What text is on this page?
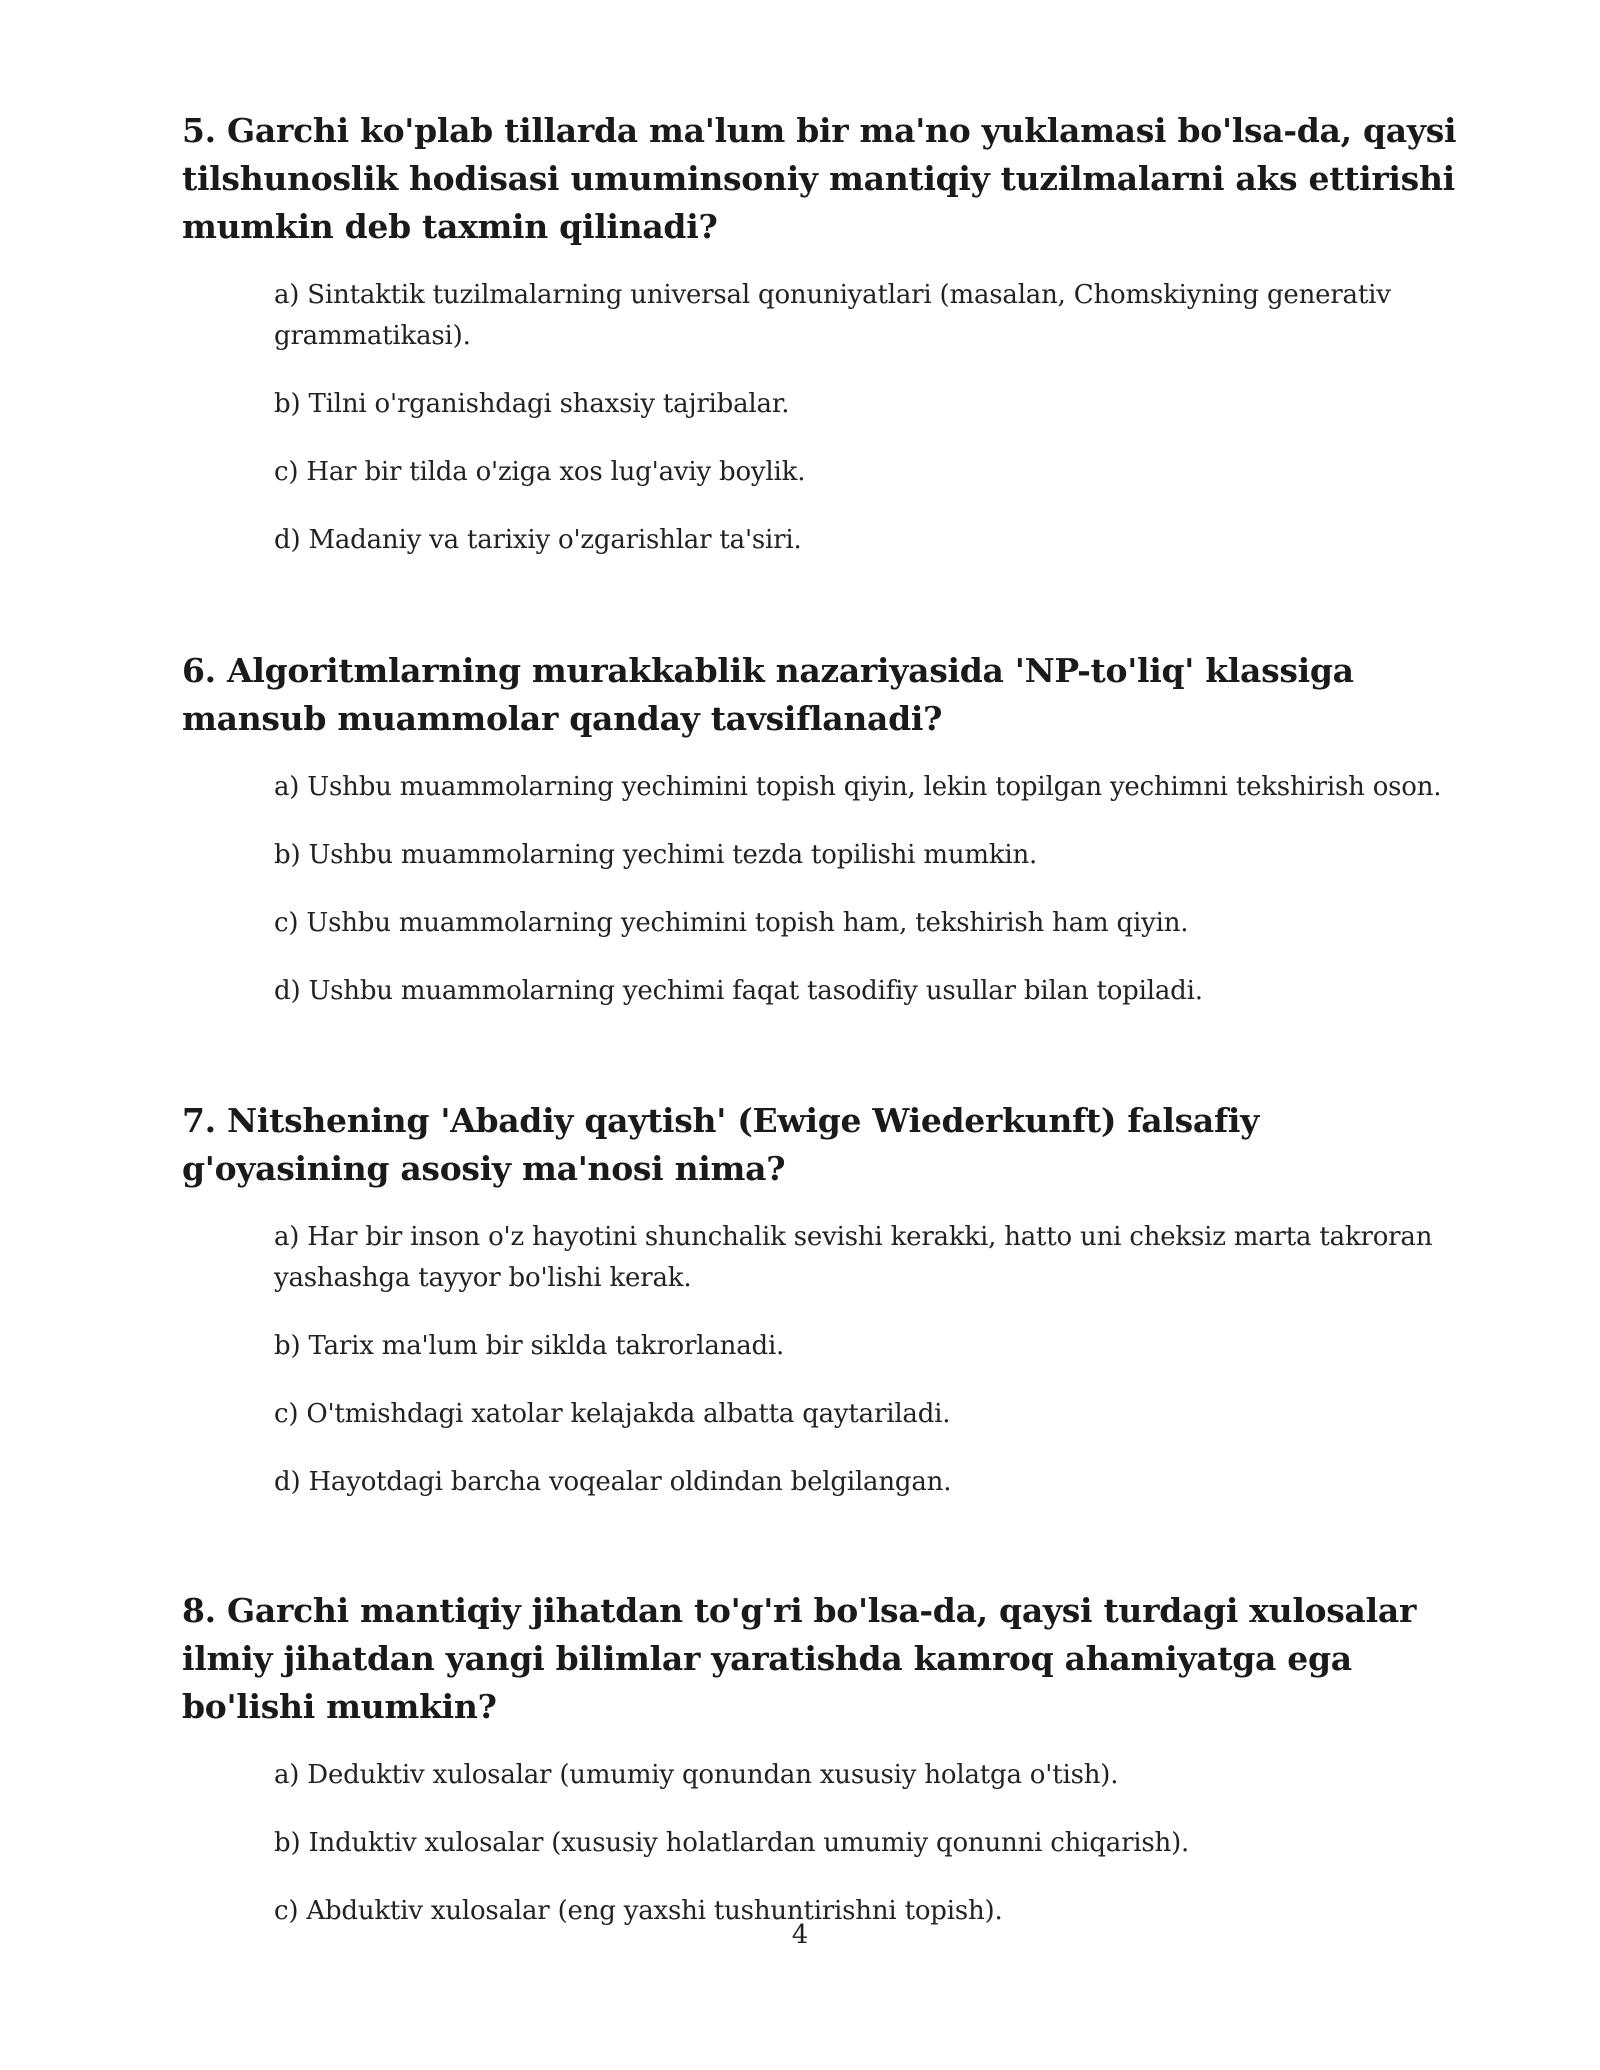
5. Garchi ko'plab tillarda ma'lum bir ma'no yuklamasi bo'lsa-da, qaysi tilshunoslik hodisasi umuminsoniy mantiqiy tuzilmalarni aks ettirishi mumkin deb taxmin qilinadi?
a) Sintaktik tuzilmalarning universal qonuniyatlari (masalan, Chomskiyning generativ grammatikasi).
b) Tilni o'rganishdagi shaxsiy tajribalar.
c) Har bir tilda o'ziga xos lug'aviy boylik.
d) Madaniy va tarixiy o'zgarishlar ta'siri.
6. Algoritmlarning murakkablik nazariyasida 'NP-to'liq' klassiga mansub muammolar qanday tavsiflanadi?
a) Ushbu muammolarning yechimini topish qiyin, lekin topilgan yechimni tekshirish oson.
b) Ushbu muammolarning yechimi tezda topilishi mumkin.
c) Ushbu muammolarning yechimini topish ham, tekshirish ham qiyin.
d) Ushbu muammolarning yechimi faqat tasodifiy usullar bilan topiladi.
7. Nitshening 'Abadiy qaytish' (Ewige Wiederkunft) falsafiy g'oyasining asosiy ma'nosi nima?
a) Har bir inson o'z hayotini shunchalik sevishi kerakki, hatto uni cheksiz marta takroran yashashga tayyor bo'lishi kerak.
b) Tarix ma'lum bir siklda takrorlanadi.
c) O'tmishdagi xatolar kelajakda albatta qaytariladi.
d) Hayotdagi barcha voqealar oldindan belgilangan.
8. Garchi mantiqiy jihatdan to'g'ri bo'lsa-da, qaysi turdagi xulosalar ilmiy jihatdan yangi bilimlar yaratishda kamroq ahamiyatga ega bo'lishi mumkin?
a) Deduktiv xulosalar (umumiy qonundan xususiy holatga o'tish).
b) Induktiv xulosalar (xususiy holatlardan umumiy qonunni chiqarish).
c) Abduktiv xulosalar (eng yaxshi tushuntirishni topish).
4
